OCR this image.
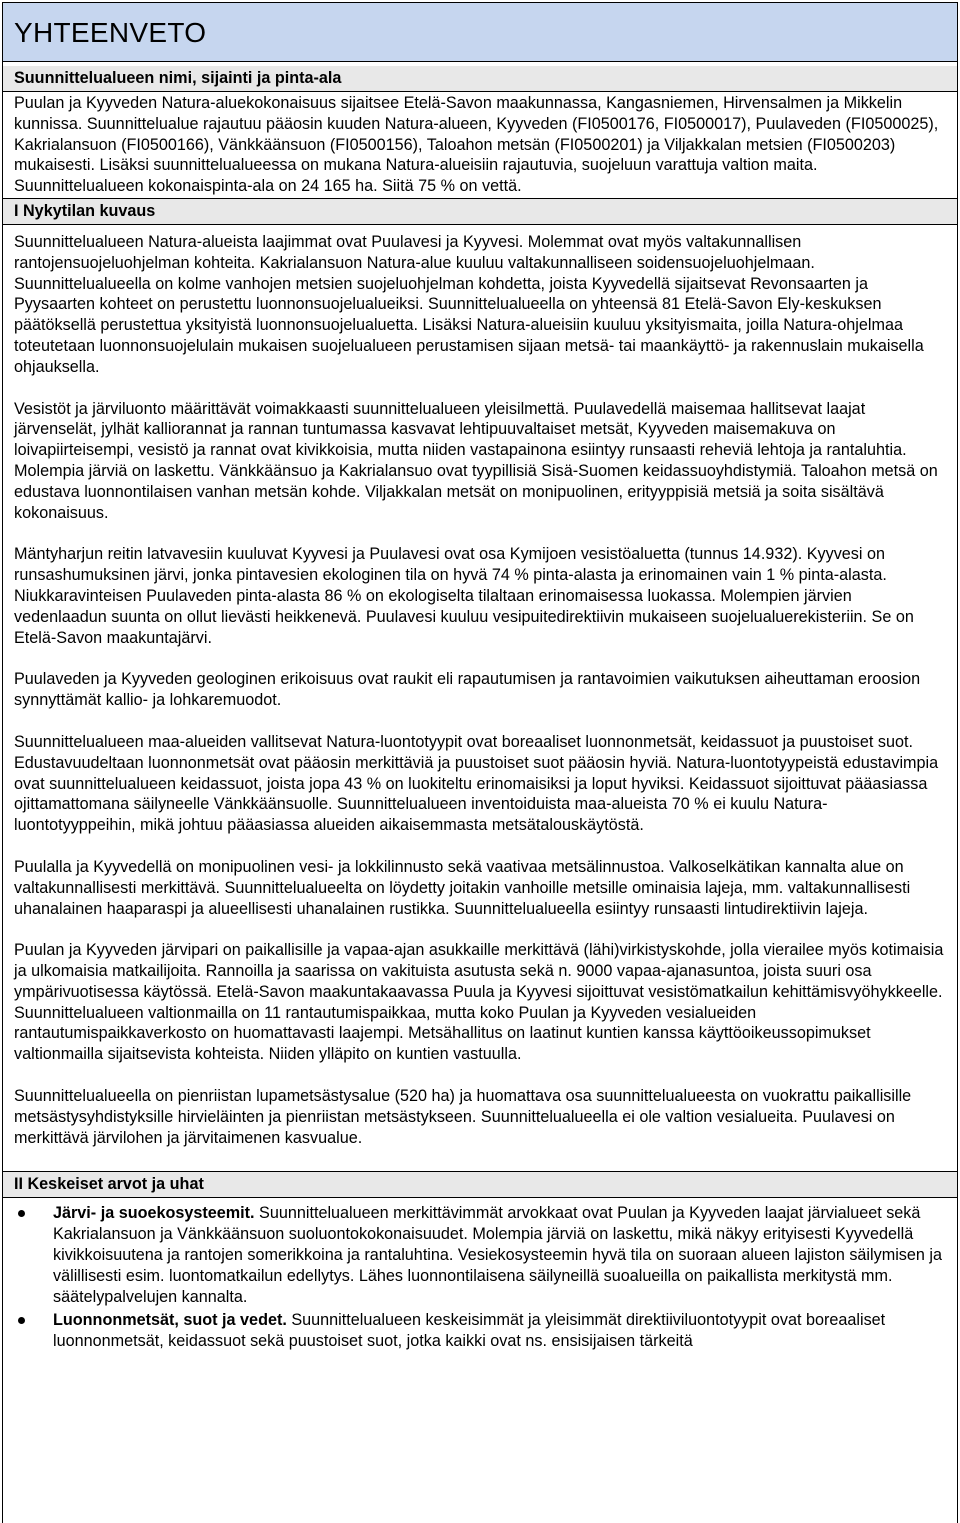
YHTEENVETO
Suunnittelualueen nimi, sijainti ja pinta-ala

Puulan ja Kyyveden Natura-aluekokonaisuus sijaitsee Etelä-Savon maakunnassa, Kangasniemen, Hirvensalmen ja Mikkelin kunnissa. Suunnittelualue rajautuu pääosin kuuden Natura-alueen, Kyyveden (FI0500176, FI0500017), Puulaveden (FI0500025), Kakrialansuon (FI0500166), Vänkkäänsuon (FI0500156), Taloahon metsän (FI0500201) ja Viljakkalan metsien (FI0500203) mukaisesti. Lisäksi suunnittelualueessa on mukana Natura-alueisiin rajautuvia, suojeluun varattuja valtion maita. Suunnittelualueen kokonaispinta-ala on 24 165 ha. Siitä 75 % on vettä.

I Nykytilan kuvaus

Suunnittelualueen Natura-alueista laajimmat ovat Puulavesi ja Kyyvesi. Molemmat ovat myös valtakunnallisen rantojensuojeluohjelman kohteita. Kakrialansuon Natura-alue kuuluu valtakunnalliseen soidensuojeluohjelmaan. Suunnittelualueella on kolme vanhojen metsien suojeluohjelman kohdetta, joista Kyyvedellä sijaitsevat Revonsaarten ja Pyysaarten kohteet on perustettu luonnonsuojelualueiksi. Suunnittelualueella on yhteensä 81 Etelä-Savon Ely-keskuksen päätöksellä perustettua yksityistä luonnonsuojelualuetta. Lisäksi Natura-alueisiin kuuluu yksityismaita, joilla Natura-ohjelmaa toteutetaan luonnonsuojelulain mukaisen suojelualueen perustamisen sijaan metsä- tai maankäyttö- ja rakennuslain mukaisella ohjauksella.

Vesistöt ja järviluonto määrittävät voimakkaasti suunnittelualueen yleisilmettä. Puulavedellä maisemaa hallitsevat laajat järvenselät, jylhät kalliorannat ja rannan tuntumassa kasvavat lehtipuuvaltaiset metsät, Kyyveden maisemakuva on loivapiirteisempi, vesistö ja rannat ovat kivikkoisia, mutta niiden vastapainona esiintyy runsaasti reheviä lehtoja ja rantaluhtia. Molempia järviä on laskettu. Vänkkäänsuo ja Kakrialansuo ovat tyypillisiä Sisä-Suomen keidassuoyhdistymiä. Taloahon metsä on edustava luonnontilaisen vanhan metsän kohde. Viljakkalan metsät on monipuolinen, erityyppisiä metsiä ja soita sisältävä kokonaisuus.

Mäntyharjun reitin latvavesiin kuuluvat Kyyvesi ja Puulavesi ovat osa Kymijoen vesistöaluetta (tunnus 14.932). Kyyvesi on runsashumuksinen järvi, jonka pintavesien ekologinen tila on hyvä 74 % pinta-alasta ja erinomainen vain 1 % pinta-alasta. Niukkaravinteisen Puulaveden pinta-alasta 86 % on ekologiselta tilaltaan erinomaisessa luokassa. Molempien järvien vedenlaadun suunta on ollut lievästi heikkenevä. Puulavesi kuuluu vesipuitedirektiivin mukaiseen suojelualuerekisteriin. Se on Etelä-Savon maakuntajärvi.

Puulaveden ja Kyyveden geologinen erikoisuus ovat raukit eli rapautumisen ja rantavoimien vaikutuksen aiheuttaman eroosion synnyttämät kallio- ja lohkaremuodot.

Suunnittelualueen maa-alueiden vallitsevat Natura-luontotyypit ovat boreaaliset luonnonmetsät, keidassuot ja puustoiset suot. Edustavuudeltaan luonnonmetsät ovat pääosin merkittäviä ja puustoiset suot pääosin hyviä. Natura-luontotyypeistä edustavimpia ovat suunnittelualueen keidassuot, joista jopa 43 % on luokiteltu erinomaisiksi ja loput hyviksi. Keidassuot sijoittuvat pääasiassa ojittamattomana säilyneelle Vänkkäänsuolle. Suunnittelualueen inventoiduista maa-alueista 70 % ei kuulu Natura-luontotyyppeihin, mikä johtuu pääasiassa alueiden aikaisemmasta metsätalouskäytöstä.

Puulalla ja Kyyvedellä on monipuolinen vesi- ja lokkilinnusto sekä vaativaa metsälinnustoa. Valkoselkätikan kannalta alue on valtakunnallisesti merkittävä. Suunnittelualueelta on löydetty joitakin vanhoille metsille ominaisia lajeja, mm. valtakunnallisesti uhanalainen haaparaspi ja alueellisesti uhanalainen rustikka. Suunnittelualueella esiintyy runsaasti lintudirektiivin lajeja.

Puulan ja Kyyveden järvipari on paikallisille ja vapaa-ajan asukkaille merkittävä (lähi)virkistyskohde, jolla vierailee myös kotimaisia ja ulkomaisia matkailijoita. Rannoilla ja saarissa on vakituista asutusta sekä n. 9000 vapaa-ajanasuntoa, joista suuri osa ympärivuotisessa käytössä. Etelä-Savon maakuntakaavassa Puula ja Kyyvesi sijoittuvat vesistömatkailun kehittämisvyöhykkeelle. Suunnittelualueen valtionmailla on 11 rantautumispaikkaa, mutta koko Puulan ja Kyyveden vesialueiden rantautumispaikkaverkosto on huomattavasti laajempi. Metsähallitus on laatinut kuntien kanssa käyttöoikeussopimukset valtionmailla sijaitsevista kohteista. Niiden ylläpito on kuntien vastuulla.

Suunnittelualueella on pienriistan lupametsästysalue (520 ha) ja huomattava osa suunnittelualueesta on vuokrattu paikallisille metsästysyhdistyksille hirvieläinten ja pienriistan metsästykseen. Suunnittelualueella ei ole valtion vesialueita. Puulavesi on merkittävä järvilohen ja järvitaimenen kasvualue.

II Keskeiset arvot ja uhat
Järvi- ja suoekosysteemit. Suunnittelualueen merkittävimmät arvokkaat ovat Puulan ja Kyyveden laajat järvialueet sekä Kakrialansuon ja Vänkkäänsuon suoluontokokonaisuudet. Molempia järviä on laskettu, mikä näkyy erityisesti Kyyvedellä kivikkoisuutena ja rantojen somerikkoina ja rantaluhtina. Vesiekosysteemin hyvä tila on suoraan alueen lajiston säilymisen ja välillisesti esim. luontomatkailun edellytys. Lähes luonnontilaisena säilyneillä suoalueilla on paikallista merkitystä mm. säätelypalvelujen kannalta.
Luonnonmetsät, suot ja vedet. Suunnittelualueen keskeisimmät ja yleisimmät direktiiviluontotyypit ovat boreaaliset luonnonmetsät, keidassuot sekä puustoiset suot, jotka kaikki ovat ns. ensisijaisen tärkeitä
